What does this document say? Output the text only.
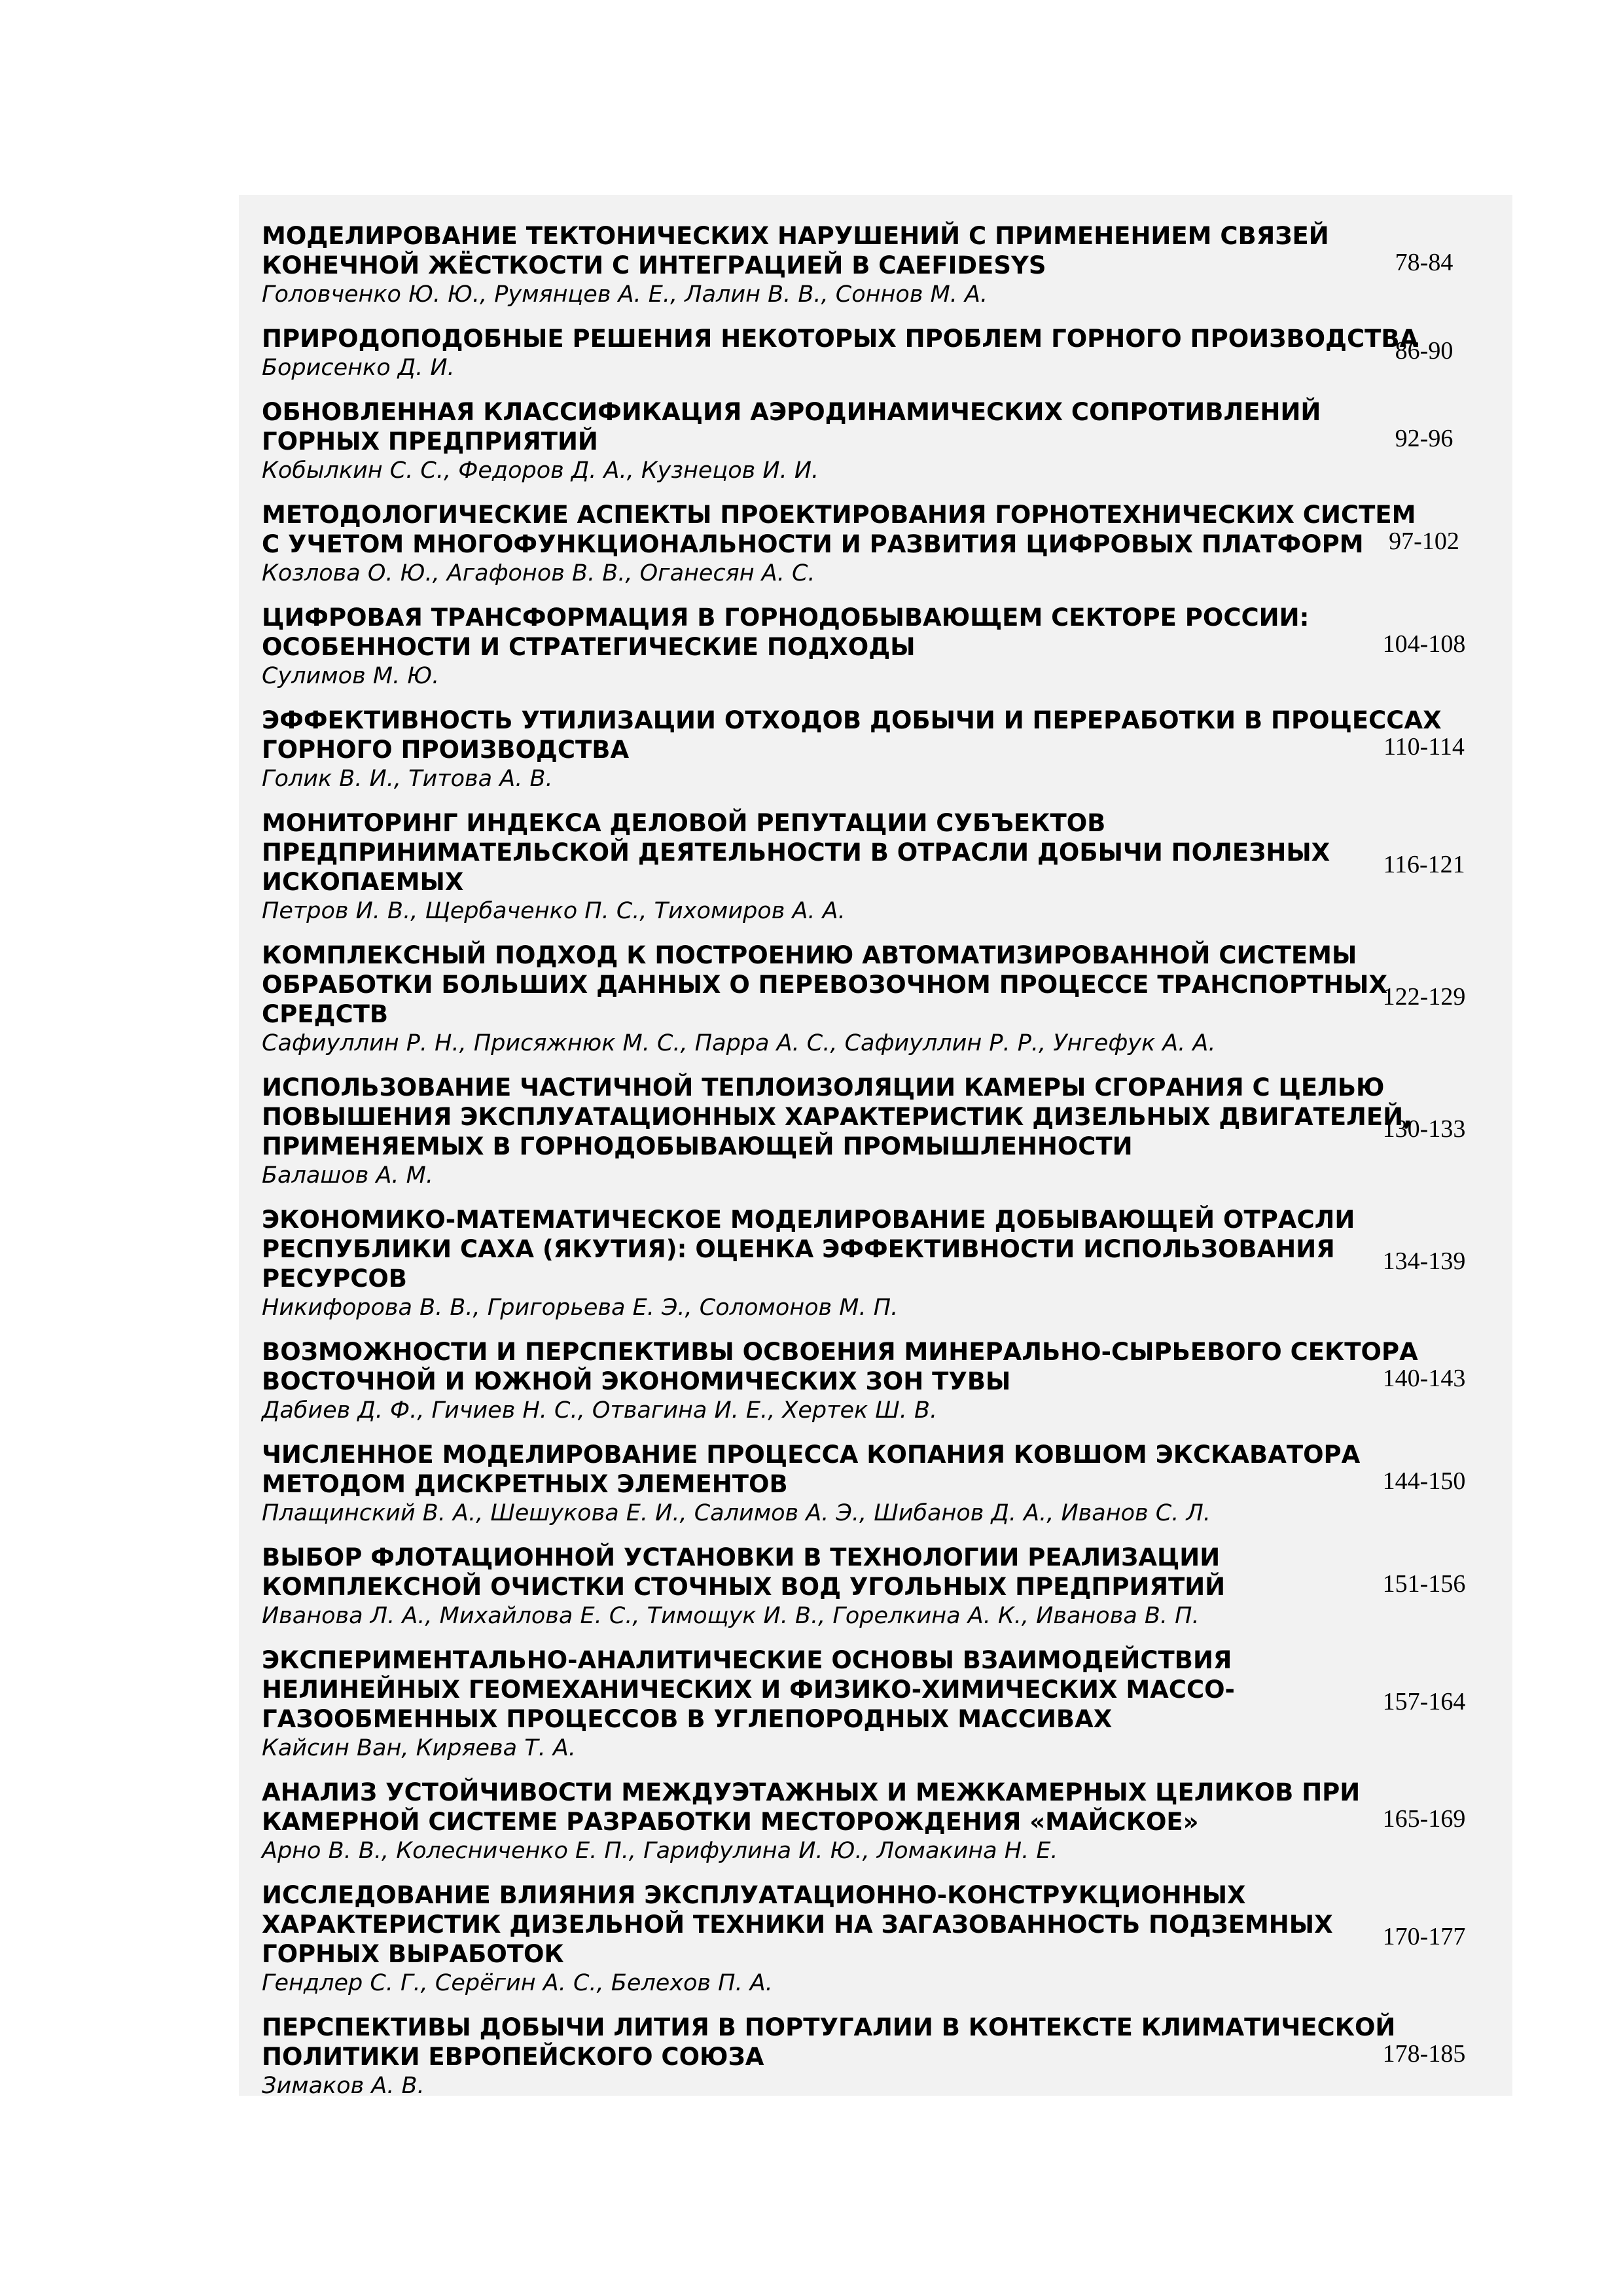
МОДЕЛИРОВАНИЕ ТЕКТОНИЧЕСКИХ НАРУШЕНИЙ С ПРИМЕНЕНИЕМ СВЯЗЕЙ
КОНЕЧНОЙ ЖЁСТКОСТИ С ИНТЕГРАЦИЕЙ В CAEFIDESYS
Головченко Ю. Ю., Румянцев А. Е., Лалин В. В., Соннов М. А.
78-84
ПРИРОДОПОДОБНЫЕ РЕШЕНИЯ НЕКОТОРЫХ ПРОБЛЕМ ГОРНОГО ПРОИЗВОДСТВА
Борисенко Д. И.
86-90
ОБНОВЛЕННАЯ КЛАССИФИКАЦИЯ АЭРОДИНАМИЧЕСКИХ СОПРОТИВЛЕНИЙ
ГОРНЫХ ПРЕДПРИЯТИЙ
Кобылкин С. С., Федоров Д. А., Кузнецов И. И.
92-96
МЕТОДОЛОГИЧЕСКИЕ АСПЕКТЫ ПРОЕКТИРОВАНИЯ ГОРНОТЕХНИЧЕСКИХ СИСТЕМ
С УЧЕТОМ МНОГОФУНКЦИОНАЛЬНОСТИ И РАЗВИТИЯ ЦИФРОВЫХ ПЛАТФОРМ
Козлова О. Ю., Агафонов В. В., Оганесян А. С.
97-102
ЦИФРОВАЯ ТРАНСФОРМАЦИЯ В ГОРНОДОБЫВАЮЩЕМ СЕКТОРЕ РОССИИ:
ОСОБЕННОСТИ И СТРАТЕГИЧЕСКИЕ ПОДХОДЫ
Сулимов М. Ю.
104-108
ЭФФЕКТИВНОСТЬ УТИЛИЗАЦИИ ОТХОДОВ ДОБЫЧИ И ПЕРЕРАБОТКИ В ПРОЦЕССАХ
ГОРНОГО ПРОИЗВОДСТВА
Голик В. И., Титова А. В.
110-114
МОНИТОРИНГ ИНДЕКСА ДЕЛОВОЙ РЕПУТАЦИИ СУБЪЕКТОВ
ПРЕДПРИНИМАТЕЛЬСКОЙ ДЕЯТЕЛЬНОСТИ В ОТРАСЛИ ДОБЫЧИ ПОЛЕЗНЫХ
ИСКОПАЕМЫХ
Петров И. В., Щербаченко П. С., Тихомиров А. А.
116-121
КОМПЛЕКСНЫЙ ПОДХОД К ПОСТРОЕНИЮ АВТОМАТИЗИРОВАННОЙ СИСТЕМЫ
ОБРАБОТКИ БОЛЬШИХ ДАННЫХ О ПЕРЕВОЗОЧНОМ ПРОЦЕССЕ ТРАНСПОРТНЫХ
СРЕДСТВ
Сафиуллин Р. Н., Присяжнюк М. С., Парра А. С., Сафиуллин Р. Р., Унгефук А. А.
122-129
ИСПОЛЬЗОВАНИЕ ЧАСТИЧНОЙ ТЕПЛОИЗОЛЯЦИИ КАМЕРЫ СГОРАНИЯ С ЦЕЛЬЮ
ПОВЫШЕНИЯ ЭКСПЛУАТАЦИОННЫХ ХАРАКТЕРИСТИК ДИЗЕЛЬНЫХ ДВИГАТЕЛЕЙ,
ПРИМЕНЯЕМЫХ В ГОРНОДОБЫВАЮЩЕЙ ПРОМЫШЛЕННОСТИ
Балашов А. М.
130-133
ЭКОНОМИКО-МАТЕМАТИЧЕСКОЕ МОДЕЛИРОВАНИЕ ДОБЫВАЮЩЕЙ ОТРАСЛИ
РЕСПУБЛИКИ САХА (ЯКУТИЯ): ОЦЕНКА ЭФФЕКТИВНОСТИ ИСПОЛЬЗОВАНИЯ
РЕСУРСОВ
Никифорова В. В., Григорьева Е. Э., Соломонов М. П.
134-139
ВОЗМОЖНОСТИ И ПЕРСПЕКТИВЫ ОСВОЕНИЯ МИНЕРАЛЬНО-СЫРЬЕВОГО СЕКТОРА
ВОСТОЧНОЙ И ЮЖНОЙ ЭКОНОМИЧЕСКИХ ЗОН ТУВЫ
Дабиев Д. Ф., Гичиев Н. С., Отвагина И. Е., Хертек Ш. В.
140-143
ЧИСЛЕННОЕ МОДЕЛИРОВАНИЕ ПРОЦЕССА КОПАНИЯ КОВШОМ ЭКСКАВАТОРА
МЕТОДОМ ДИСКРЕТНЫХ ЭЛЕМЕНТОВ
Плащинский В. А., Шешукова Е. И., Салимов А. Э., Шибанов Д. А., Иванов С. Л.
144-150
ВЫБОР ФЛОТАЦИОННОЙ УСТАНОВКИ В ТЕХНОЛОГИИ РЕАЛИЗАЦИИ
КОМПЛЕКСНОЙ ОЧИСТКИ СТОЧНЫХ ВОД УГОЛЬНЫХ ПРЕДПРИЯТИЙ
Иванова Л. А., Михайлова Е. С., Тимощук И. В., Горелкина А. К., Иванова В. П.
151-156
ЭКСПЕРИМЕНТАЛЬНО-АНАЛИТИЧЕСКИЕ ОСНОВЫ ВЗАИМОДЕЙСТВИЯ
НЕЛИНЕЙНЫХ ГЕОМЕХАНИЧЕСКИХ И ФИЗИКО-ХИМИЧЕСКИХ МАССО-
ГАЗООБМЕННЫХ ПРОЦЕССОВ В УГЛЕПОРОДНЫХ МАССИВАХ
Кайсин Ван, Киряева Т. А.
157-164
АНАЛИЗ УСТОЙЧИВОСТИ МЕЖДУЭТАЖНЫХ И МЕЖКАМЕРНЫХ ЦЕЛИКОВ ПРИ
КАМЕРНОЙ СИСТЕМЕ РАЗРАБОТКИ МЕСТОРОЖДЕНИЯ «МАЙСКОЕ»
Арно В. В., Колесниченко Е. П., Гарифулина И. Ю., Ломакина Н. Е.
165-169
ИССЛЕДОВАНИЕ ВЛИЯНИЯ ЭКСПЛУАТАЦИОННО-КОНСТРУКЦИОННЫХ
ХАРАКТЕРИСТИК ДИЗЕЛЬНОЙ ТЕХНИКИ НА ЗАГАЗОВАННОСТЬ ПОДЗЕМНЫХ
ГОРНЫХ ВЫРАБОТОК
Гендлер С. Г., Серёгин А. С., Белехов П. А.
170-177
ПЕРСПЕКТИВЫ ДОБЫЧИ ЛИТИЯ В ПОРТУГАЛИИ В КОНТЕКСТЕ КЛИМАТИЧЕСКОЙ
ПОЛИТИКИ ЕВРОПЕЙСКОГО СОЮЗА
Зимаков А. В.
178-185
